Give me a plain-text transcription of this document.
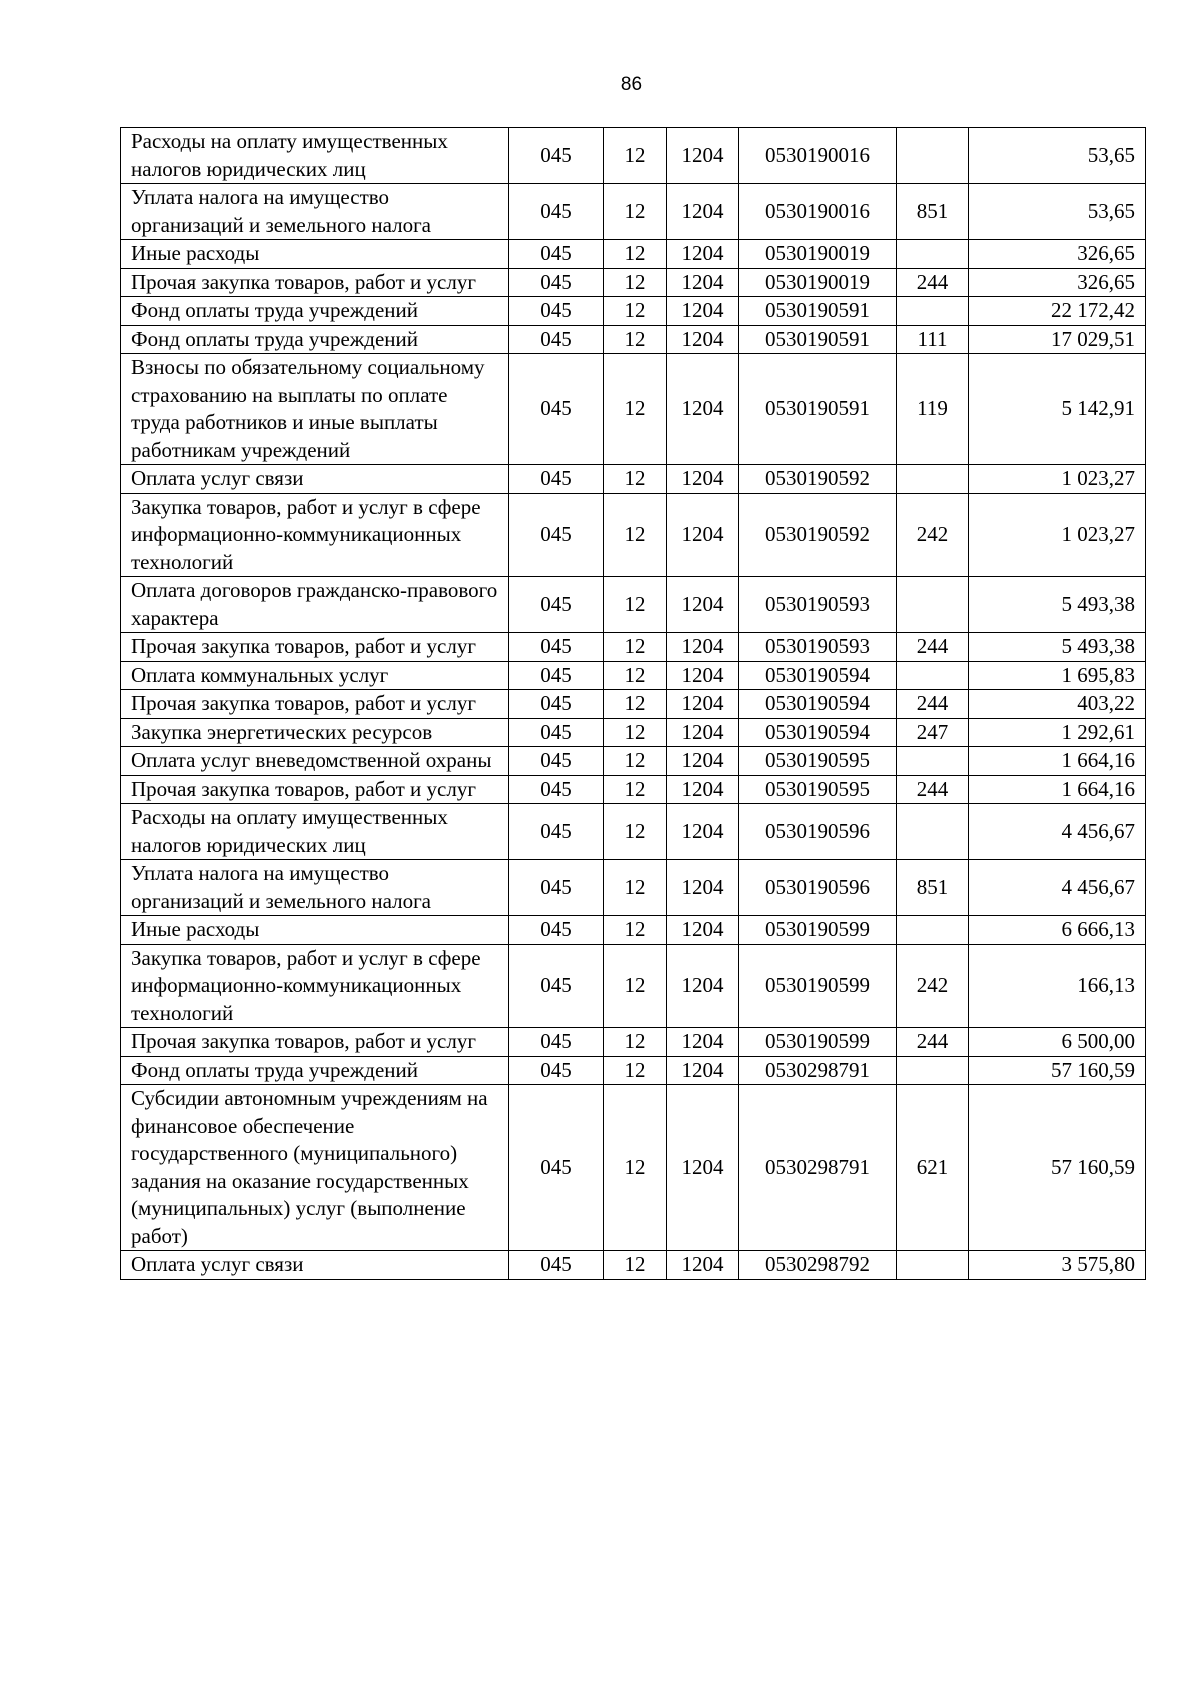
86
Расходы на оплату имущественных налогов юридических лиц	045	12	1204	0530190016		53,65
Уплата налога на имущество организаций и земельного налога	045	12	1204	0530190016	851	53,65
Иные расходы	045	12	1204	0530190019		326,65
Прочая закупка товаров, работ и услуг	045	12	1204	0530190019	244	326,65
Фонд оплаты труда учреждений	045	12	1204	0530190591		22 172,42
Фонд оплаты труда учреждений	045	12	1204	0530190591	111	17 029,51
Взносы по обязательному социальному страхованию на выплаты по оплате труда работников и иные выплаты работникам учреждений	045	12	1204	0530190591	119	5 142,91
Оплата услуг связи	045	12	1204	0530190592		1 023,27
Закупка товаров, работ и услуг в сфере информационно-коммуникационных технологий	045	12	1204	0530190592	242	1 023,27
Оплата договоров гражданско-правового характера	045	12	1204	0530190593		5 493,38
Прочая закупка товаров, работ и услуг	045	12	1204	0530190593	244	5 493,38
Оплата коммунальных услуг	045	12	1204	0530190594		1 695,83
Прочая закупка товаров, работ и услуг	045	12	1204	0530190594	244	403,22
Закупка энергетических ресурсов	045	12	1204	0530190594	247	1 292,61
Оплата услуг вневедомственной охраны	045	12	1204	0530190595		1 664,16
Прочая закупка товаров, работ и услуг	045	12	1204	0530190595	244	1 664,16
Расходы на оплату имущественных налогов юридических лиц	045	12	1204	0530190596		4 456,67
Уплата налога на имущество организаций и земельного налога	045	12	1204	0530190596	851	4 456,67
Иные расходы	045	12	1204	0530190599		6 666,13
Закупка товаров, работ и услуг в сфере информационно-коммуникационных технологий	045	12	1204	0530190599	242	166,13
Прочая закупка товаров, работ и услуг	045	12	1204	0530190599	244	6 500,00
Фонд оплаты труда учреждений	045	12	1204	0530298791		57 160,59
Субсидии автономным учреждениям на финансовое обеспечение государственного (муниципального) задания на оказание государственных (муниципальных) услуг (выполнение работ)	045	12	1204	0530298791	621	57 160,59
Оплата услуг связи	045	12	1204	0530298792		3 575,80
